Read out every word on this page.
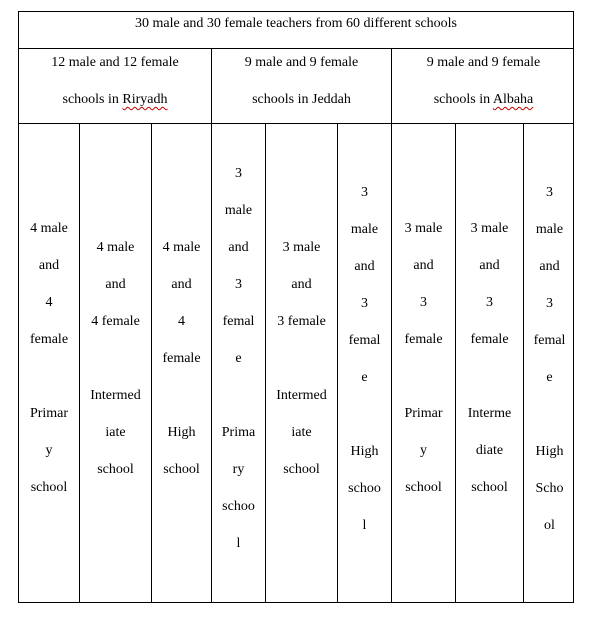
30 male and 30 female teachers from 60 different schools
12 male and 12 female
schools in Riryadh
9 male and 9 female
schools in Jeddah
9 male and 9 female
schools in Albaha
4 male
and
4
female
Primar
y
school
4 male
and
4 female
Intermed
iate
school
4 male
and
4
female
High
school
3
male
and
3
femal
e
Prima
ry
schoo
l
3 male
and
3 female
Intermed
iate
school
3
male
and
3
femal
e
High
schoo
l
3 male
and
3
female
Primar
y
school
3 male
and
3
female
Interme
diate
school
3
male
and
3
femal
e
High
Scho
ol
